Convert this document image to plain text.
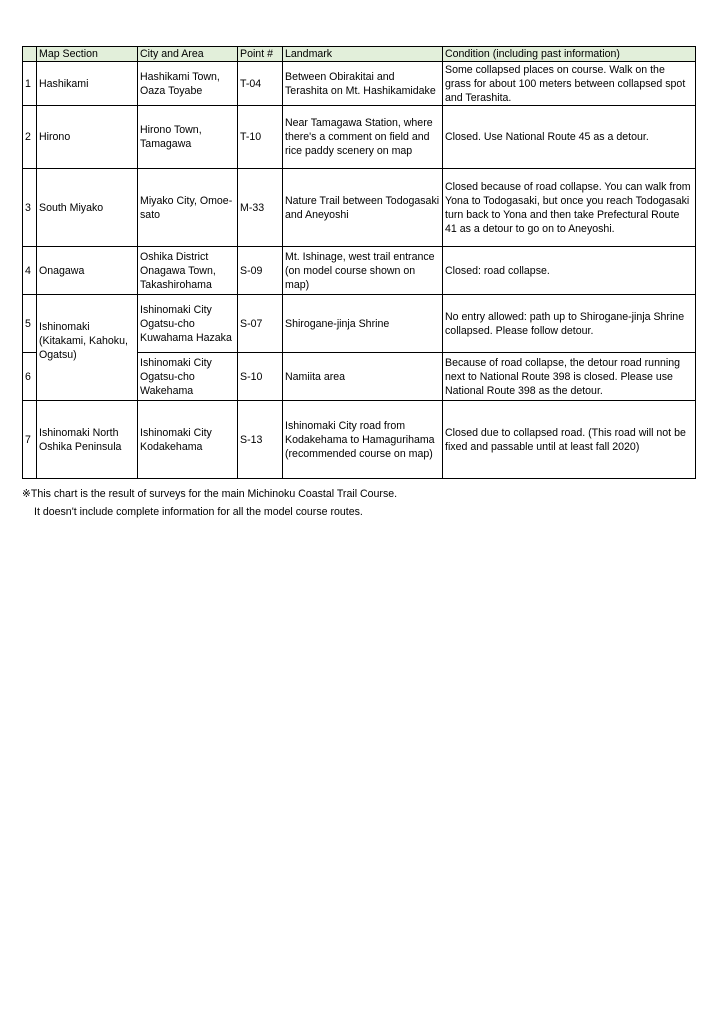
	Map Section	City and Area	Point #	Landmark	Condition (including past information)
1	Hashikami	Hashikami Town, Oaza Toyabe	T-04	Between Obirakitai and Terashita on Mt. Hashikamidake	Some collapsed places on course. Walk on the grass for about 100 meters between collapsed spot and Terashita.
2	Hirono	Hirono Town, Tamagawa	T-10	Near Tamagawa Station, where there's a comment on field and rice paddy scenery on map	Closed. Use National Route 45 as a detour.
3	South Miyako	Miyako City, Omoe-sato	M-33	Nature Trail between Todogasaki and Aneyoshi	Closed because of road collapse. You can walk from Yona to Todogasaki, but once you reach Todogasaki turn back to Yona and then take Prefectural Route 41 as a detour to go on to Aneyoshi.
4	Onagawa	Oshika District Onagawa Town, Takashirohama	S-09	Mt. Ishinage, west trail entrance (on model course shown on map)	Closed: road collapse.
5	Ishinomaki (Kitakami, Kahoku, Ogatsu)	Ishinomaki City Ogatsu-cho Kuwahama Hazaka	S-07	Shirogane-jinja Shrine	No entry allowed: path up to Shirogane-jinja Shrine collapsed. Please follow detour.
6		Ishinomaki City Ogatsu-cho Wakehama	S-10	Namiita area	Because of road collapse, the detour road running next to National Route 398 is closed. Please use National Route 398 as the detour.
7	Ishinomaki North Oshika Peninsula	Ishinomaki City Kodakehama	S-13	Ishinomaki City road from Kodakehama to Hamagurihama (recommended course on map)	Closed due to collapsed road. (This road will not be fixed and passable until at least fall 2020)
※This chart is the result of surveys for the main Michinoku Coastal Trail Course.
It doesn't include complete information for all the model course routes.
